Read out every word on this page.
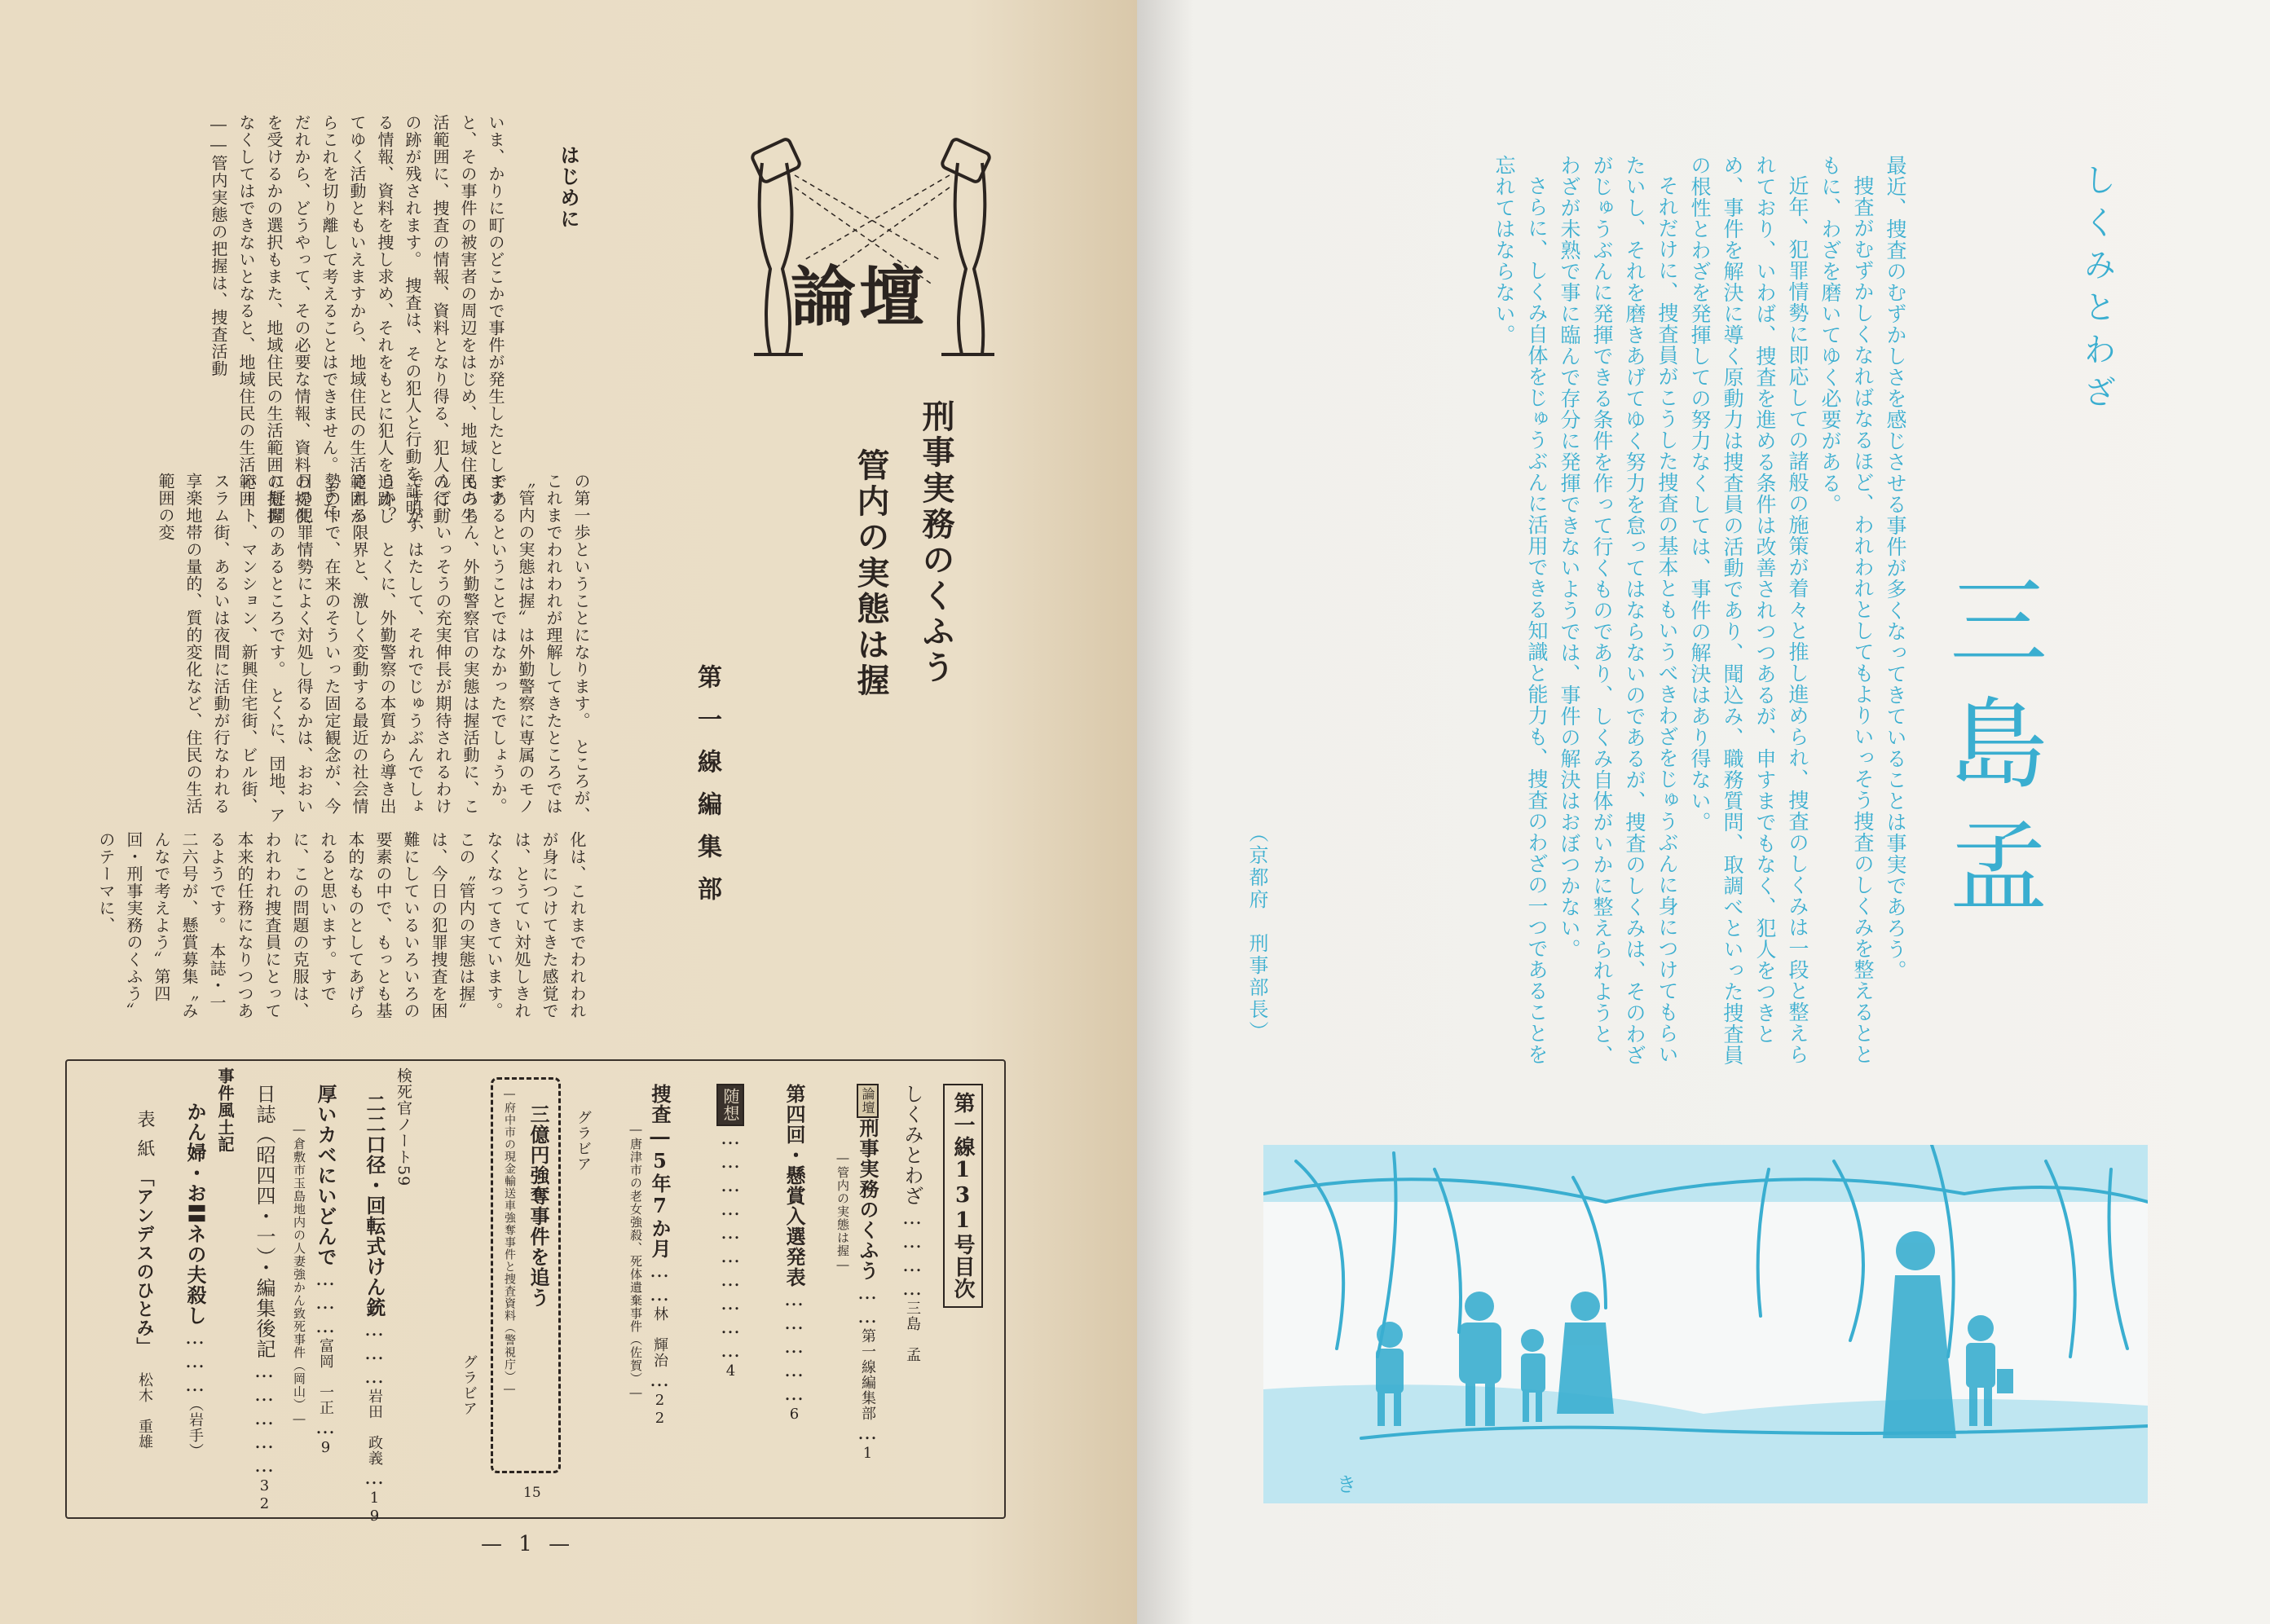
論壇

刑事実務のくふう

管内の実態は握

第一線編集部

はじめに

いま、かりに町のどこかで事件が発生したとしますと、その事件の被害者の周辺をはじめ、地域住民の生活範囲に、捜査の情報、資料となり得る、犯人の行動の跡が残されます。　捜査は、その犯人と行動を証明する情報、資料を捜し求め、それをもとに犯人を追跡してゆく活動ともいえますから、地域住民の生活範囲からこれを切り離して考えることはできません。　また、だれから、どうやって、その必要な情報、資料の提供を受けるかの選択もまた、地域住民の生活範囲の把握なくしてはできないとなると、地域住民の生活範囲――管内実態の把握は、捜査活動

の第一歩ということになります。　ところが、これまでわれわれが理解してきたところでは〝管内の実態は握〟は外勤警察に専属のモノであるということではなかったでしょうか。もちろん、外勤警察官の実態は握活動に、こんご、いっそうの充実伸長が期待されるわけですが、はたして、それでじゅうぶんでしょうか？　とくに、外勤警察の本質から導き出される限界と、激しく変動する最近の社会情勢の中で、在来のそういった固定観念が、今日の犯罪情勢によく対処し得るかは、おおいに疑問のあるところです。　とくに、団地、アパート、マンション、新興住宅街、ビル街、スラム街、あるいは夜間に活動が行なわれる享楽地帯の量的、質的変化など、住民の生活範囲の変

化は、これまでわれわれが身につけてきた感覚では、とうてい対処しきれなくなってきています。　この〝管内の実態は握〟は、今日の犯罪捜査を困難にしているいろいろの要素の中で、もっとも基本的なものとしてあげられると思います。すでに、この問題の克服は、われわれ捜査員にとって本来的任務になりつつあるようです。　本誌・一二六号が、懸賞募集〝みんなで考えよう〟第四回・刑事実務のくふう〟のテーマに、

第一線131号目次
しくみとわざ…………三島　孟
論壇刑事実務のくふう……第一線編集部…1
―管内の実態は握―
第四回・懸賞入選発表……………6
随想…………………………4
捜査―5年7か月……林　輝治…22
―唐津市の老女強殺、死体遺棄事件（佐賀）―
グラビア
三億円強奪事件を追う
―府中市の現金輸送車強奪事件と捜査資料（警視庁）―
グラビア
15
検死官ノート59
二二口径・回転式けん銃………岩田　政義…19
厚いカベにいどんで………富岡　一正…9
―倉敷市玉島地内の人妻強かん致死事件（岡山）―
日誌（昭四四・一）・編集後記……………32
事件風土記
かん婦・お〓ネの夫殺し………（岩手）
表紙「アンデスのひとみ」松木　重雄
— 1 —

しくみとわざ

三島孟

最近、捜査のむずかしさを感じさせる事件が多くなってきていることは事実であろう。

捜査がむずかしくなればなるほど、われわれとしてもよりいっそう捜査のしくみを整えるとともに、わざを磨いてゆく必要がある。

近年、犯罪情勢に即応しての諸般の施策が着々と推し進められ、捜査のしくみは一段と整えられており、いわば、捜査を進める条件は改善されつつあるが、申すまでもなく、犯人をつきとめ、事件を解決に導く原動力は捜査員の活動であり、聞込み、職務質問、取調べといった捜査員の根性とわざを発揮しての努力なくしては、事件の解決はあり得ない。

それだけに、捜査員がこうした捜査の基本ともいうべきわざをじゅうぶんに身につけてもらいたいし、それを磨きあげてゆく努力を怠ってはならないのであるが、捜査のしくみは、そのわざがじゅうぶんに発揮できる条件を作って行くものであり、しくみ自体がいかに整えられようと、わざが未熟で事に臨んで存分に発揮できないようでは、事件の解決はおぼつかない。

さらに、しくみ自体をじゅうぶんに活用できる知識と能力も、捜査のわざの一つであることを忘れてはならない。

（京都府　刑事部長）

き
